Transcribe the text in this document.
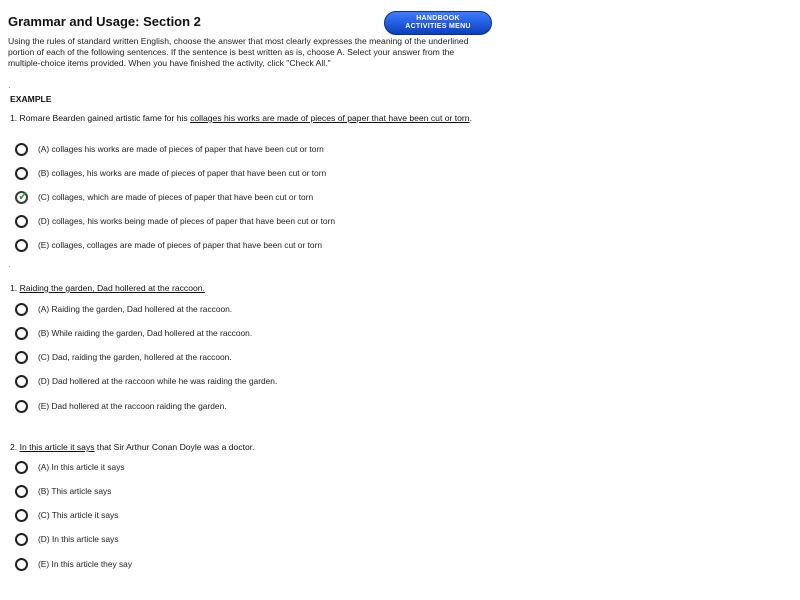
Grammar and Usage: Section 2	HANDBOOK
ACTIVITIES MENU
Using the rules of standard written English, choose the answer that most clearly expresses the meaning of the underlined portion of each of the following sentences. If the sentence is best written as is, choose A. Select your answer from the multiple-choice items provided. When you have finished the activity, click "Check All."
·
EXAMPLE
1. Romare Bearden gained artistic fame for his collages his works are made of pieces of paper that have been cut or torn.
(A) collages his works are made of pieces of paper that have been cut or torn
(B) collages, his works are made of pieces of paper that have been cut or torn
✓ (C) collages, which are made of pieces of paper that have been cut or torn
(D) collages, his works being made of pieces of paper that have been cut or torn
(E) collages, collages are made of pieces of paper that have been cut or torn
·
1. Raiding the garden, Dad hollered at the raccoon.
(A) Raiding the garden, Dad hollered at the raccoon.
(B) While raiding the garden, Dad hollered at the raccoon.
(C) Dad, raiding the garden, hollered at the raccoon.
(D) Dad hollered at the raccoon while he was raiding the garden.
(E) Dad hollered at the raccoon raiding the garden.
2. In this article it says that Sir Arthur Conan Doyle was a doctor.
(A) In this article it says
(B) This article says
(C) This article it says
(D) In this article says
(E) In this article they say
